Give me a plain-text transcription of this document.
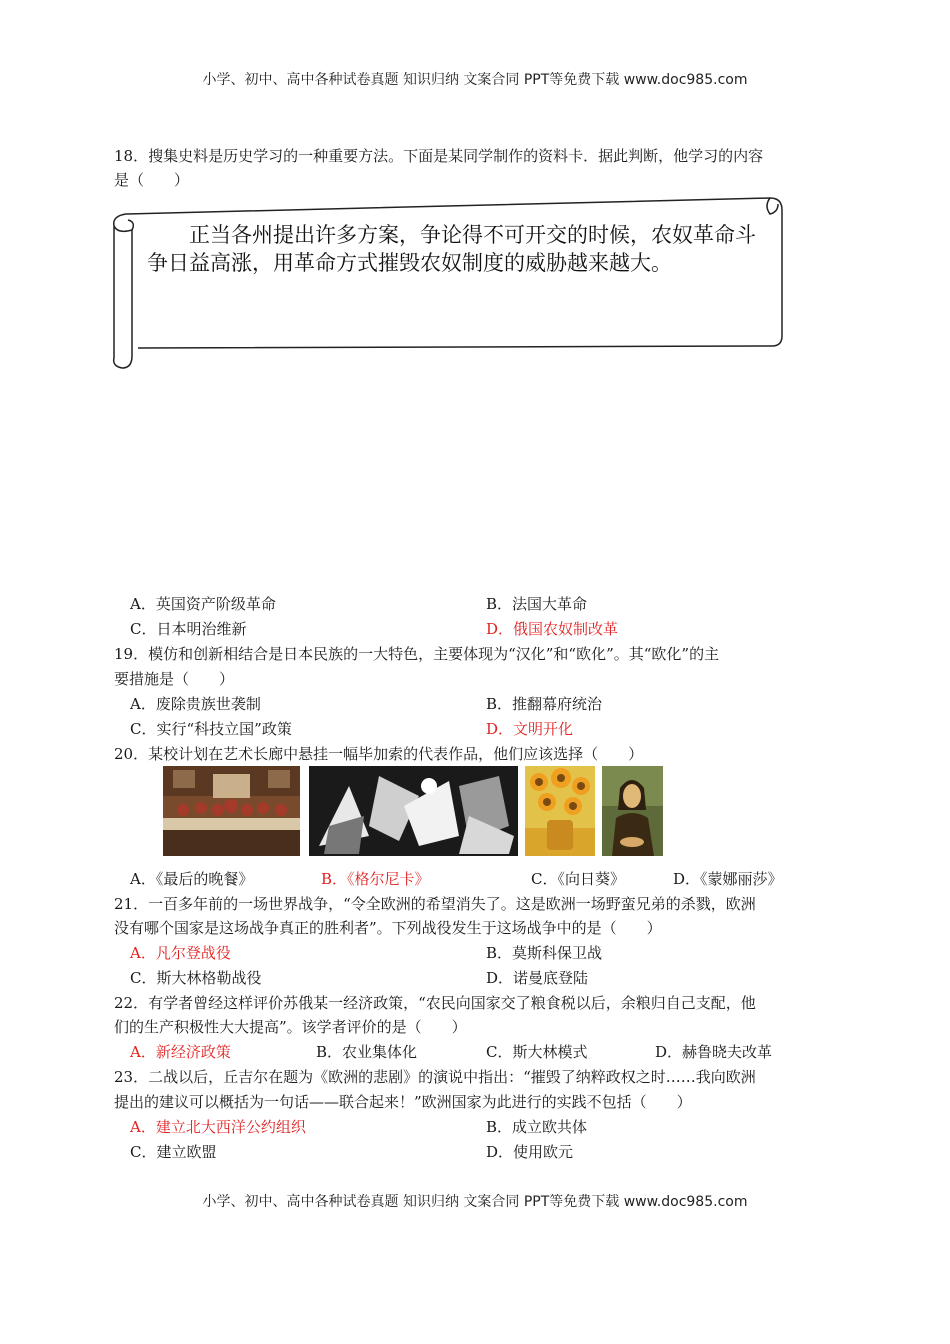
小学、初中、高中各种试卷真题 知识归纳 文案合同 PPT等免费下载 www.doc985.com
18．搜集史料是历史学习的一种重要方法。下面是某同学制作的资料卡．据此判断，他学习的内容
是（　　）
　　正当各州提出许多方案，争论得不可开交的时候，农奴革命斗争日益高涨，用革命方式摧毁农奴制度的威胁越来越大。
A．英国资产阶级革命	B．法国大革命
C．日本明治维新	D．俄国农奴制改革
19．模仿和创新相结合是日本民族的一大特色，主要体现为“汉化”和“欧化”。其“欧化”的主
要措施是（　　）
A．废除贵族世袭制	B．推翻幕府统治
C．实行“科技立国”政策	D．文明开化
20．某校计划在艺术长廊中悬挂一幅毕加索的代表作品，他们应该选择（　　）
A．《最后的晚餐》	B．《格尔尼卡》	C．《向日葵》	D．《蒙娜丽莎》
21．一百多年前的一场世界战争，“令全欧洲的希望消失了。这是欧洲一场野蛮兄弟的杀戮，欧洲
没有哪个国家是这场战争真正的胜利者”。下列战役发生于这场战争中的是（　　）
A．凡尔登战役	B．莫斯科保卫战
C．斯大林格勒战役	D．诺曼底登陆
22．有学者曾经这样评价苏俄某一经济政策，“农民向国家交了粮食税以后，余粮归自己支配，他
们的生产积极性大大提高”。该学者评价的是（　　）
A．新经济政策	B．农业集体化	C．斯大林模式	D．赫鲁晓夫改革
23．二战以后，丘吉尔在题为《欧洲的悲剧》的演说中指出：“摧毁了纳粹政权之时……我向欧洲
提出的建议可以概括为一句话——联合起来！”欧洲国家为此进行的实践不包括（　　）
A．建立北大西洋公约组织	B．成立欧共体
C．建立欧盟	D．使用欧元
小学、初中、高中各种试卷真题 知识归纳 文案合同 PPT等免费下载 www.doc985.com
